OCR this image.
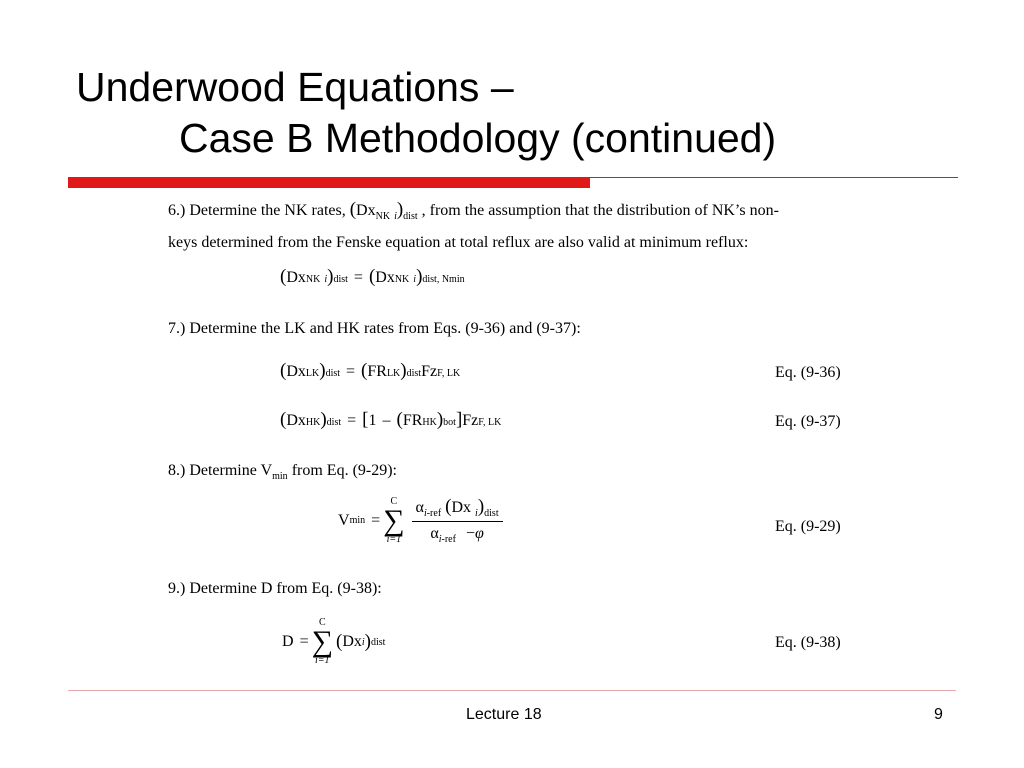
Underwood Equations –
Case B Methodology (continued)

6.) Determine the NK rates, ($Dx_{NK}$ $_i)_{dist}$ , from the assumption that the distribution of NK’s non-
keys determined from the Fenske equation at total reflux are also valid at minimum reflux:

( Dx NK
i ) dist = ( Dx NK
i ) dist, Nmin

7.) Determine the LK and HK rates from Eqs. (9-36) and (9-37):

( Dx LK ) dist = ( FR LK ) dist Fz F, LK	Eq. (9-36)
( Dx HK ) dist = [ 1 – ( FR HK ) bot ] Fz F, LK	Eq. (9-37)

8.) Determine $V_{min}$ from Eq. (9-29):

V min =
C
∑
$i=1 \frac{\alpha_{i-ref} (Dx _i)_{dist}}{\alpha_{i-ref} -\varphi}$	Eq. (9-29)

9.) Determine D from Eq. (9-38):

D =
C
∑
i=1
( Dx i ) dist	Eq. (9-38)
Lecture 18	9
